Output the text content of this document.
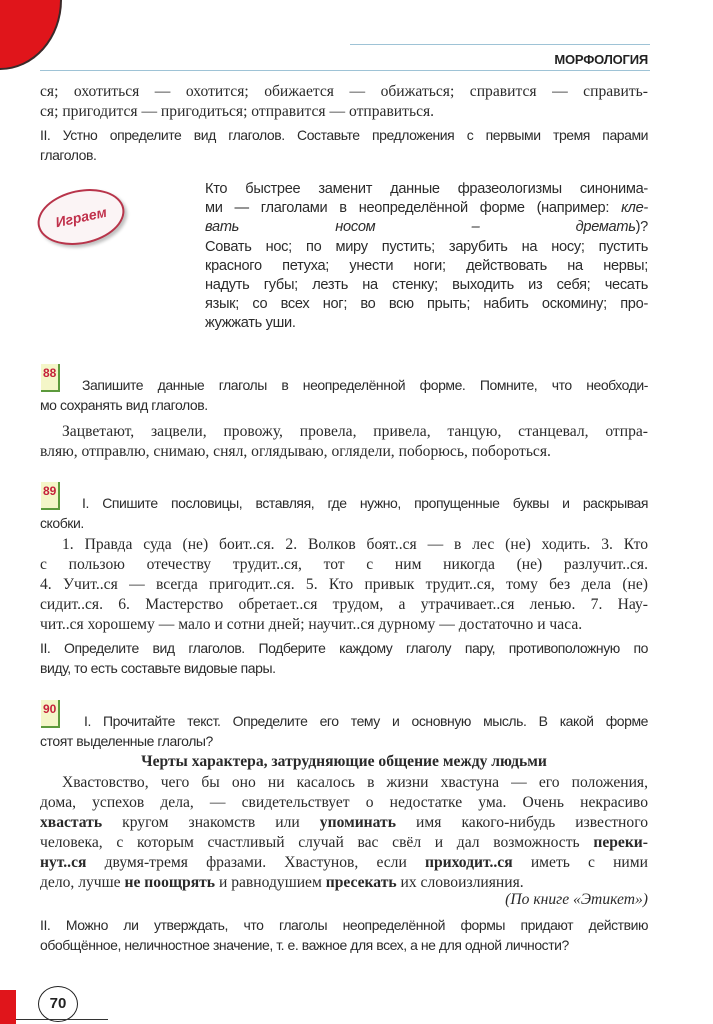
МОРФОЛОГИЯ
ся; охотиться — охотится; обижается — обижаться; справится — справить-
ся; пригодится — пригодиться; отправится — отправиться.
II. Устно определите вид глаголов. Составьте предложения с первыми тремя парами
глаголов.
Играем
Кто быстрее заменит данные фразеологизмы синонима-
ми — глаголами в неопределённой форме (например: кле-
вать носом – дремать)?
Совать нос; по миру пустить; зарубить на носу; пустить
красного петуха; унести ноги; действовать на нервы;
надуть губы; лезть на стенку; выходить из себя; чесать
язык; со всех ног; во всю прыть; набить оскомину; про-
жужжать уши.
88
Запишите данные глаголы в неопределённой форме. Помните, что необходи-
мо сохранять вид глаголов.
Зацветают, зацвели, провожу, провела, привела, танцую, станцевал, отпра-
вляю, отправлю, снимаю, снял, оглядываю, оглядели, поборюсь, побороться.
89
I. Спишите пословицы, вставляя, где нужно, пропущенные буквы и раскрывая
скобки.
1. Правда суда (не) боит..ся. 2. Волков боят..ся — в лес (не) ходить. 3. Кто
с пользою отечеству трудит..ся, тот с ним никогда (не) разлучит..ся.
4. Учит..ся — всегда пригодит..ся. 5. Кто привык трудит..ся, тому без дела (не)
сидит..ся. 6. Мастерство обретает..ся трудом, а утрачивает..ся ленью. 7. Нау-
чит..ся хорошему — мало и сотни дней; научит..ся дурному — достаточно и часа.
II. Определите вид глаголов. Подберите каждому глаголу пару, противоположную по
виду, то есть составьте видовые пары.
90
I. Прочитайте текст. Определите его тему и основную мысль. В какой форме
стоят выделенные глаголы?
Черты характера, затрудняющие общение между людьми
Хвастовство, чего бы оно ни касалось в жизни хвастуна — его положения,
дома, успехов дела, — свидетельствует о недостатке ума. Очень некрасиво
хвастать кругом знакомств или упоминать имя какого-нибудь известного
человека, с которым счастливый случай вас свёл и дал возможность переки-
нут..ся двумя-тремя фразами. Хвастунов, если приходит..ся иметь с ними
дело, лучше не поощрять и равнодушием пресекать их словоизлияния.
(По книге «Этикет»)
II. Можно ли утверждать, что глаголы неопределённой формы придают действию
обобщённое, неличностное значение, т. е. важное для всех, а не для одной личности?
70
